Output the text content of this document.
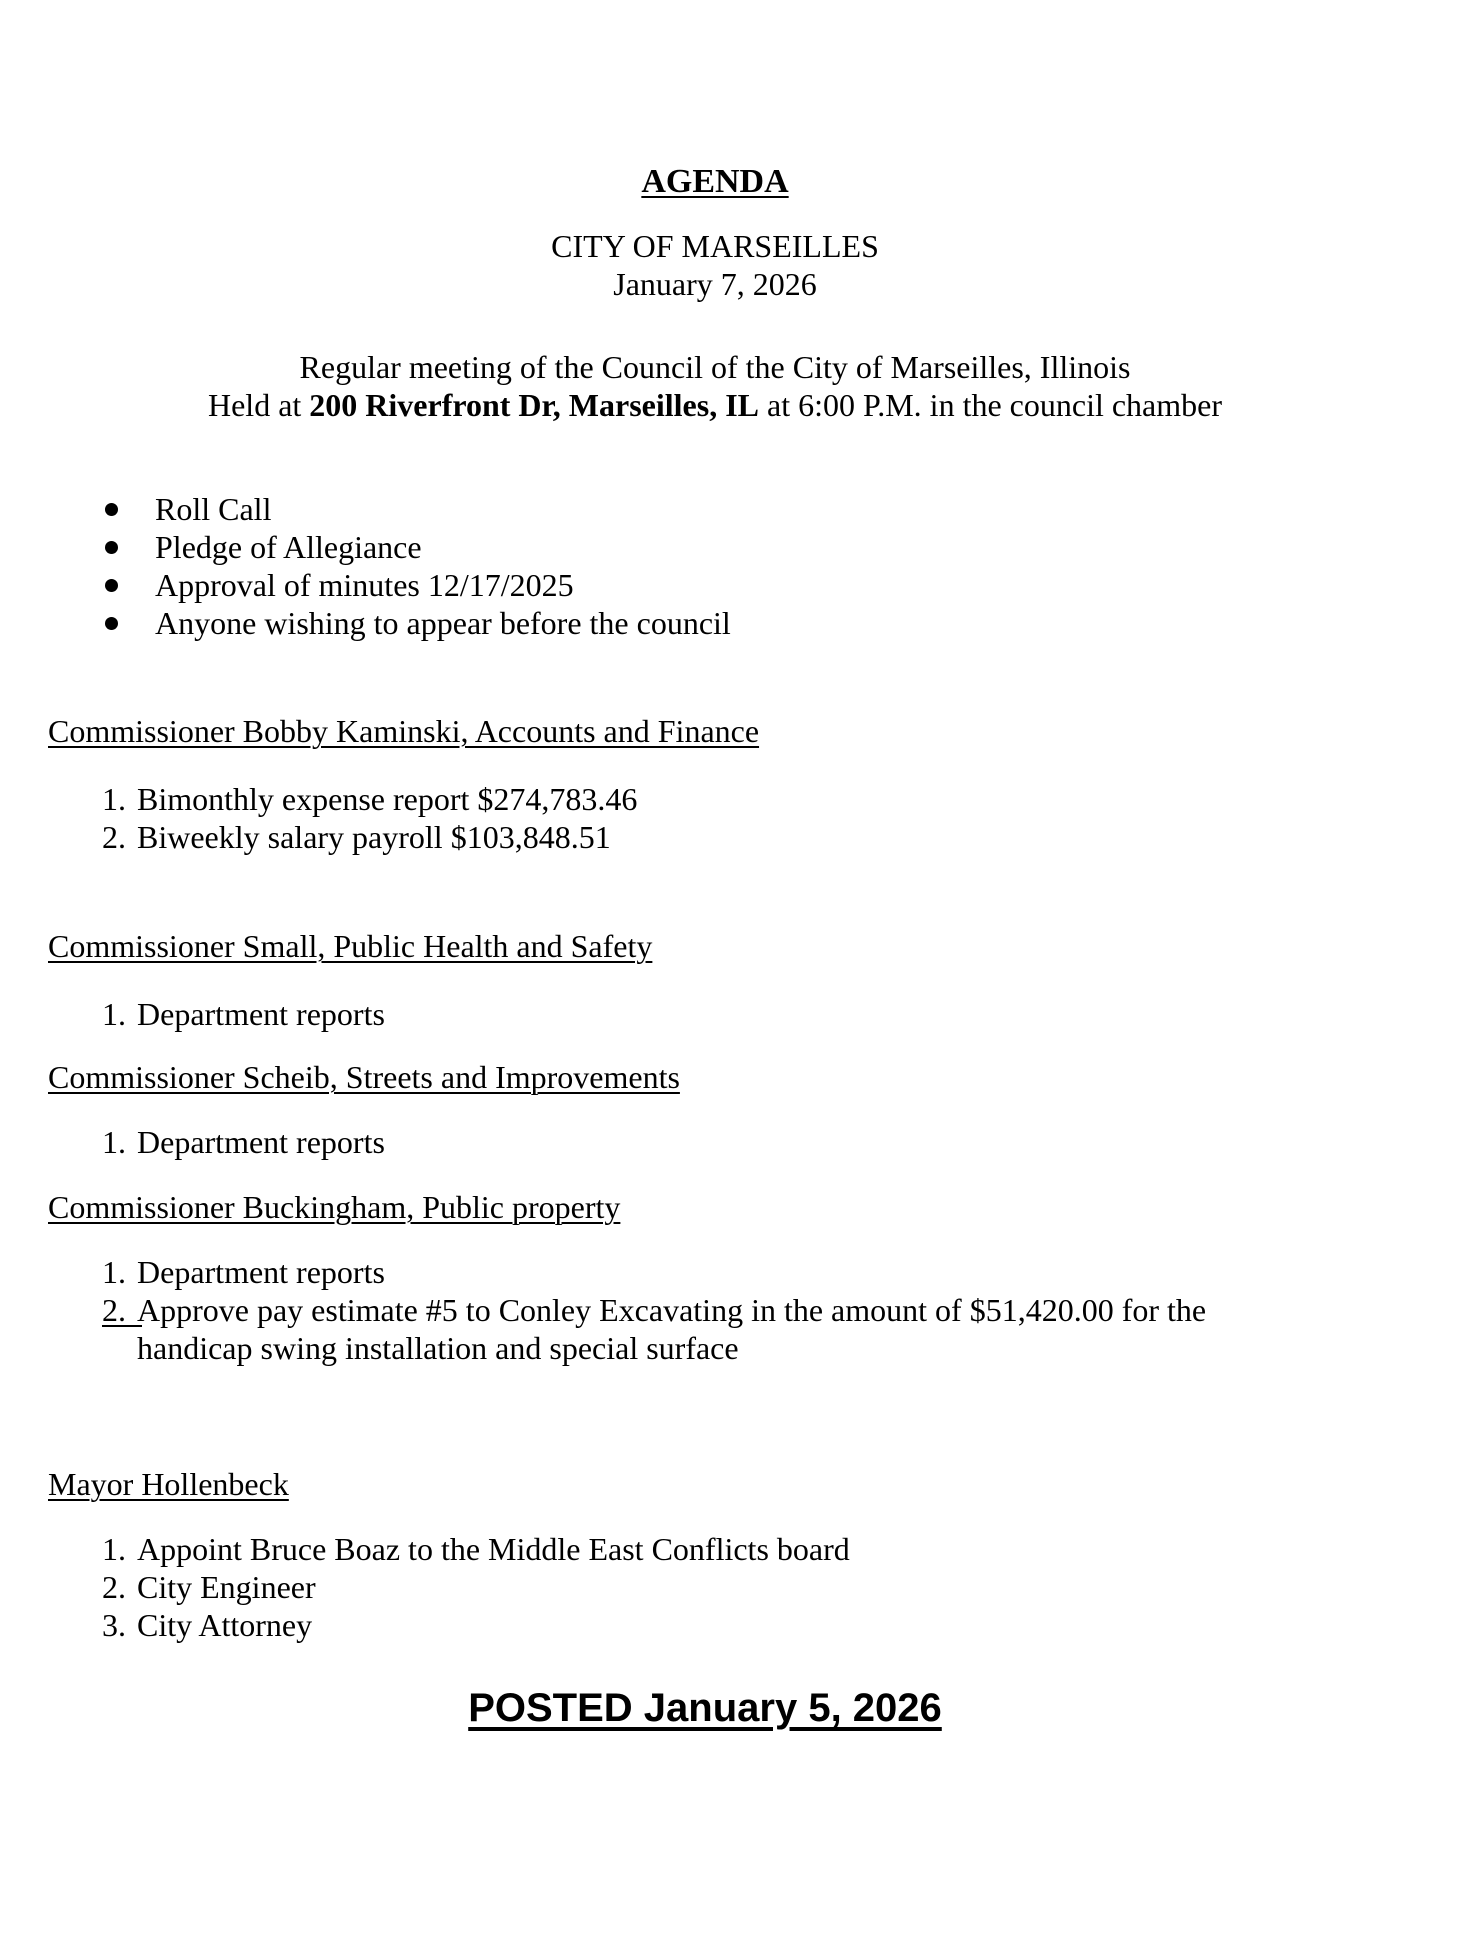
AGENDA
CITY OF MARSEILLES
January 7, 2026
Regular meeting of the Council of the City of Marseilles, Illinois
Held at 200 Riverfront Dr, Marseilles, IL at 6:00 P.M. in the council chamber
Roll Call
Pledge of Allegiance
Approval of minutes 12/17/2025
Anyone wishing to appear before the council
Commissioner Bobby Kaminski, Accounts and Finance
1. Bimonthly expense report $274,783.46
2. Biweekly salary payroll $103,848.51
Commissioner Small, Public Health and Safety
1. Department reports
Commissioner Scheib, Streets and Improvements
1. Department reports
Commissioner Buckingham, Public property
1. Department reports
2.
Approve pay estimate #5 to Conley Excavating in the amount of $51,420.00 for the handicap swing installation and special surface
Mayor Hollenbeck
1. Appoint Bruce Boaz to the Middle East Conflicts board
2. City Engineer
3. City Attorney
POSTED January 5, 2026
